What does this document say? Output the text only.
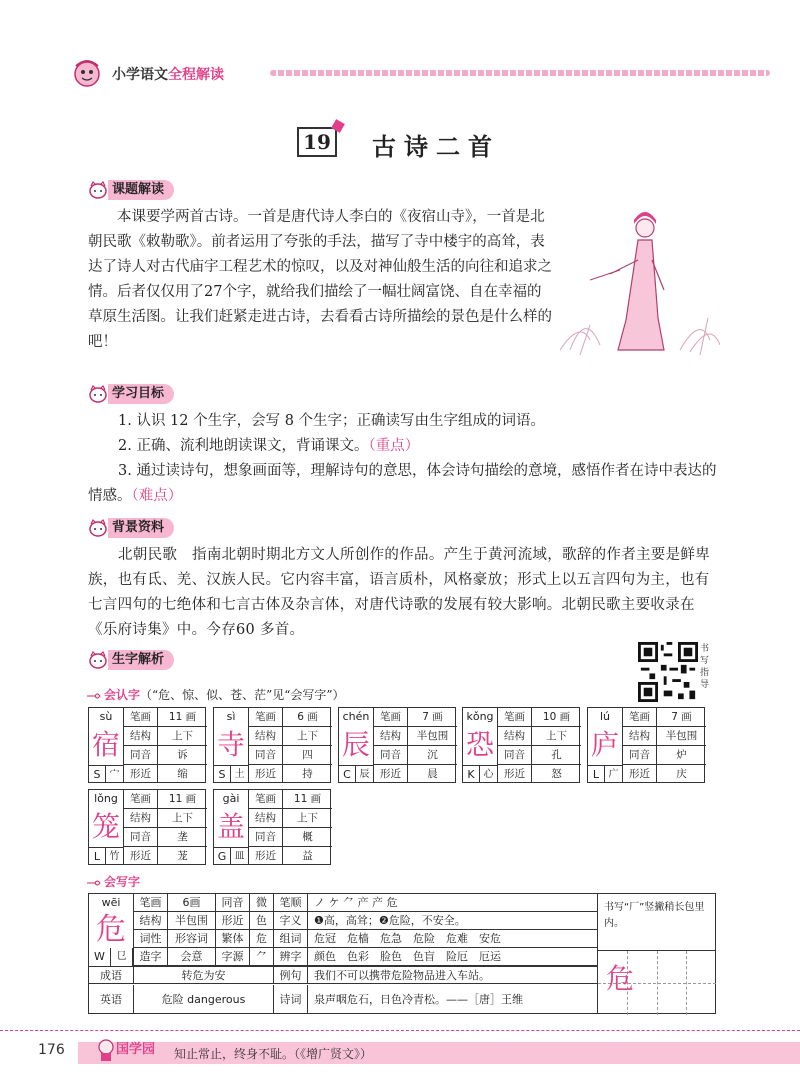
小学语文全程解读
19 古诗二首
课题解读
本课要学两首古诗。一首是唐代诗人李白的《夜宿山寺》，一首是北朝民歌《敕勒歌》。前者运用了夸张的手法，描写了寺中楼宇的高耸，表达了诗人对古代庙宇工程艺术的惊叹，以及对神仙般生活的向往和追求之情。后者仅仅用了27个字，就给我们描绘了一幅壮阔富饶、自在幸福的草原生活图。让我们赶紧走进古诗，去看看古诗所描绘的景色是什么样的吧！
学习目标
1. 认识 12 个生字，会写 8 个生字；正确读写由生字组成的词语。
2. 正确、流利地朗读课文，背诵课文。（重点）
3. 通过读诗句，想象画面等，理解诗句的意思，体会诗句描绘的意境，感悟作者在诗中表达的情感。（难点）
背景资料
北朝民歌　 指南北朝时期北方文人所创作的作品。产生于黄河流域，歌辞的作者主要是鲜卑族，也有氐、羌、汉族人民。它内容丰富，语言质朴，风格豪放；形式上以五言四句为主，也有七言四句的七绝体和七言古体及杂言体，对唐代诗歌的发展有较大影响。北朝民歌主要收录在《乐府诗集》中。今存60 多首。
生字解析
书写指导
会认字（“危、惊、似、苍、茫”见“会写字”）
sù
宿
S 宀
笔画	11 画
结构	上下
同音	诉
形近	缩
sì
寺
S 土
笔画	6 画
结构	上下
同音	四
形近	持
chén
辰
C 辰
笔画	7 画
结构	半包围
同音	沉
形近	晨
kǒng
恐
K 心
笔画	10 画
结构	上下
同音	孔
形近	怒
lú
庐
L 广
笔画	7 画
结构	半包围
同音	炉
形近	庆
lǒng
笼
L 竹
笔画	11 画
结构	上下
同音	垄
形近	茏
gài
盖
G 皿
笔画	11 画
结构	上下
同音	概
形近	益
会写字
wēi
危
W	㔾
笔画	6画	同音	微	笔顺	ノ ケ ⺈ 产 产 危
结构	半包围	形近	色	字义	❶高，高耸；❷危险，不安全。
词性	形容词	繁体	危	组词	危冠　危樯　危急　危险　危难　安危
造字	会意	字源	⺈	辨字	颜色　色彩　脸色　色盲　险厄　厄运
成语	转危为安	例句	我们不可以携带危险物品进入车站。
英语	危险 dangerous	诗词	泉声咽危石，日色冷青松。——［唐］王维
书写“厂”竖撇稍长包里内。
危
176	国学园 知止常止，终身不耻。（《增广贤文》）
